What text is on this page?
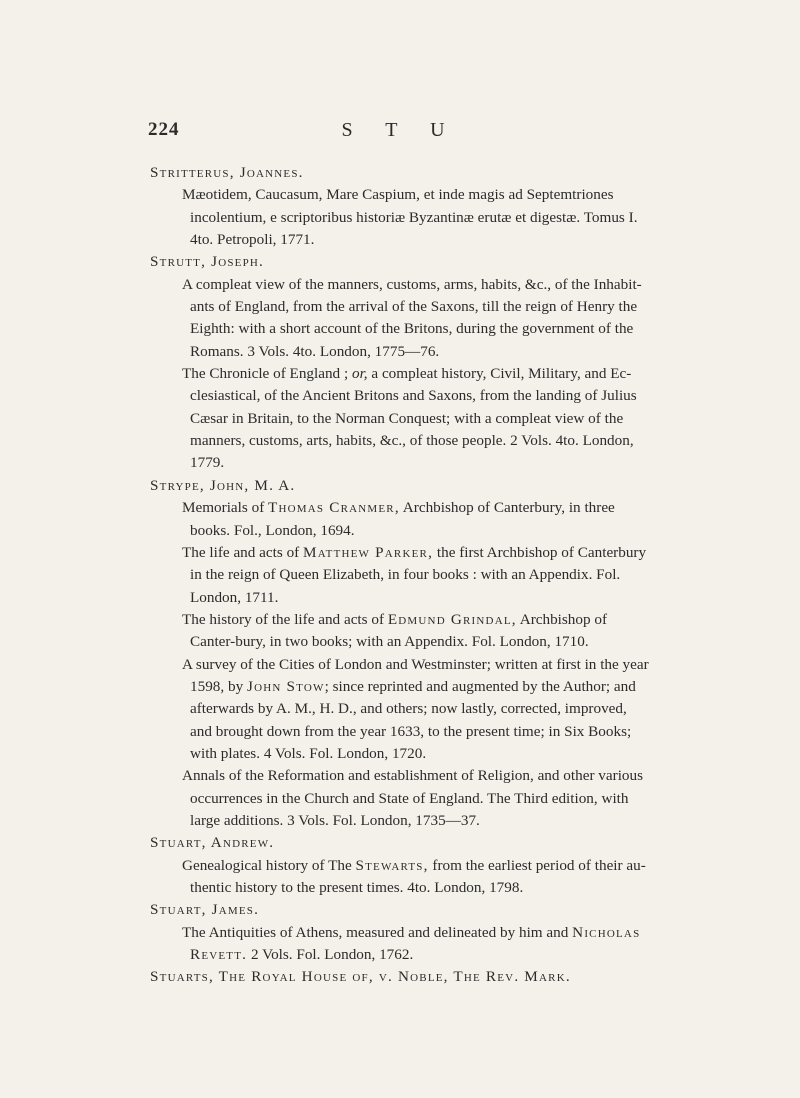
224	S T U

Stritterus, Joannes.

Mæotidem, Caucasum, Mare Caspium, et inde magis ad Septemtriones incolentium, e scriptoribus historiæ Byzantinæ erutæ et digestæ. Tomus I. 4to. Petropoli, 1771.

Strutt, Joseph.

A compleat view of the manners, customs, arms, habits, &c., of the Inhabit-ants of England, from the arrival of the Saxons, till the reign of Henry the Eighth: with a short account of the Britons, during the government of the Romans. 3 Vols. 4to. London, 1775—76.

The Chronicle of England ; or, a compleat history, Civil, Military, and Ec-clesiastical, of the Ancient Britons and Saxons, from the landing of Julius Cæsar in Britain, to the Norman Conquest; with a compleat view of the manners, customs, arts, habits, &c., of those people. 2 Vols. 4to. London, 1779.

Strype, John, M. A.

Memorials of Thomas Cranmer, Archbishop of Canterbury, in three books. Fol., London, 1694.

The life and acts of Matthew Parker, the first Archbishop of Canterbury in the reign of Queen Elizabeth, in four books : with an Appendix. Fol. London, 1711.

The history of the life and acts of Edmund Grindal, Archbishop of Canter-bury, in two books; with an Appendix. Fol. London, 1710.

A survey of the Cities of London and Westminster; written at first in the year 1598, by John Stow; since reprinted and augmented by the Author; and afterwards by A. M., H. D., and others; now lastly, corrected, improved, and brought down from the year 1633, to the present time; in Six Books; with plates. 4 Vols. Fol. London, 1720.

Annals of the Reformation and establishment of Religion, and other various occurrences in the Church and State of England. The Third edition, with large additions. 3 Vols. Fol. London, 1735—37.

Stuart, Andrew.

Genealogical history of The Stewarts, from the earliest period of their au-thentic history to the present times. 4to. London, 1798.

Stuart, James.

The Antiquities of Athens, measured and delineated by him and Nicholas Revett. 2 Vols. Fol. London, 1762.

Stuarts, The Royal House of, v. Noble, The Rev. Mark.
